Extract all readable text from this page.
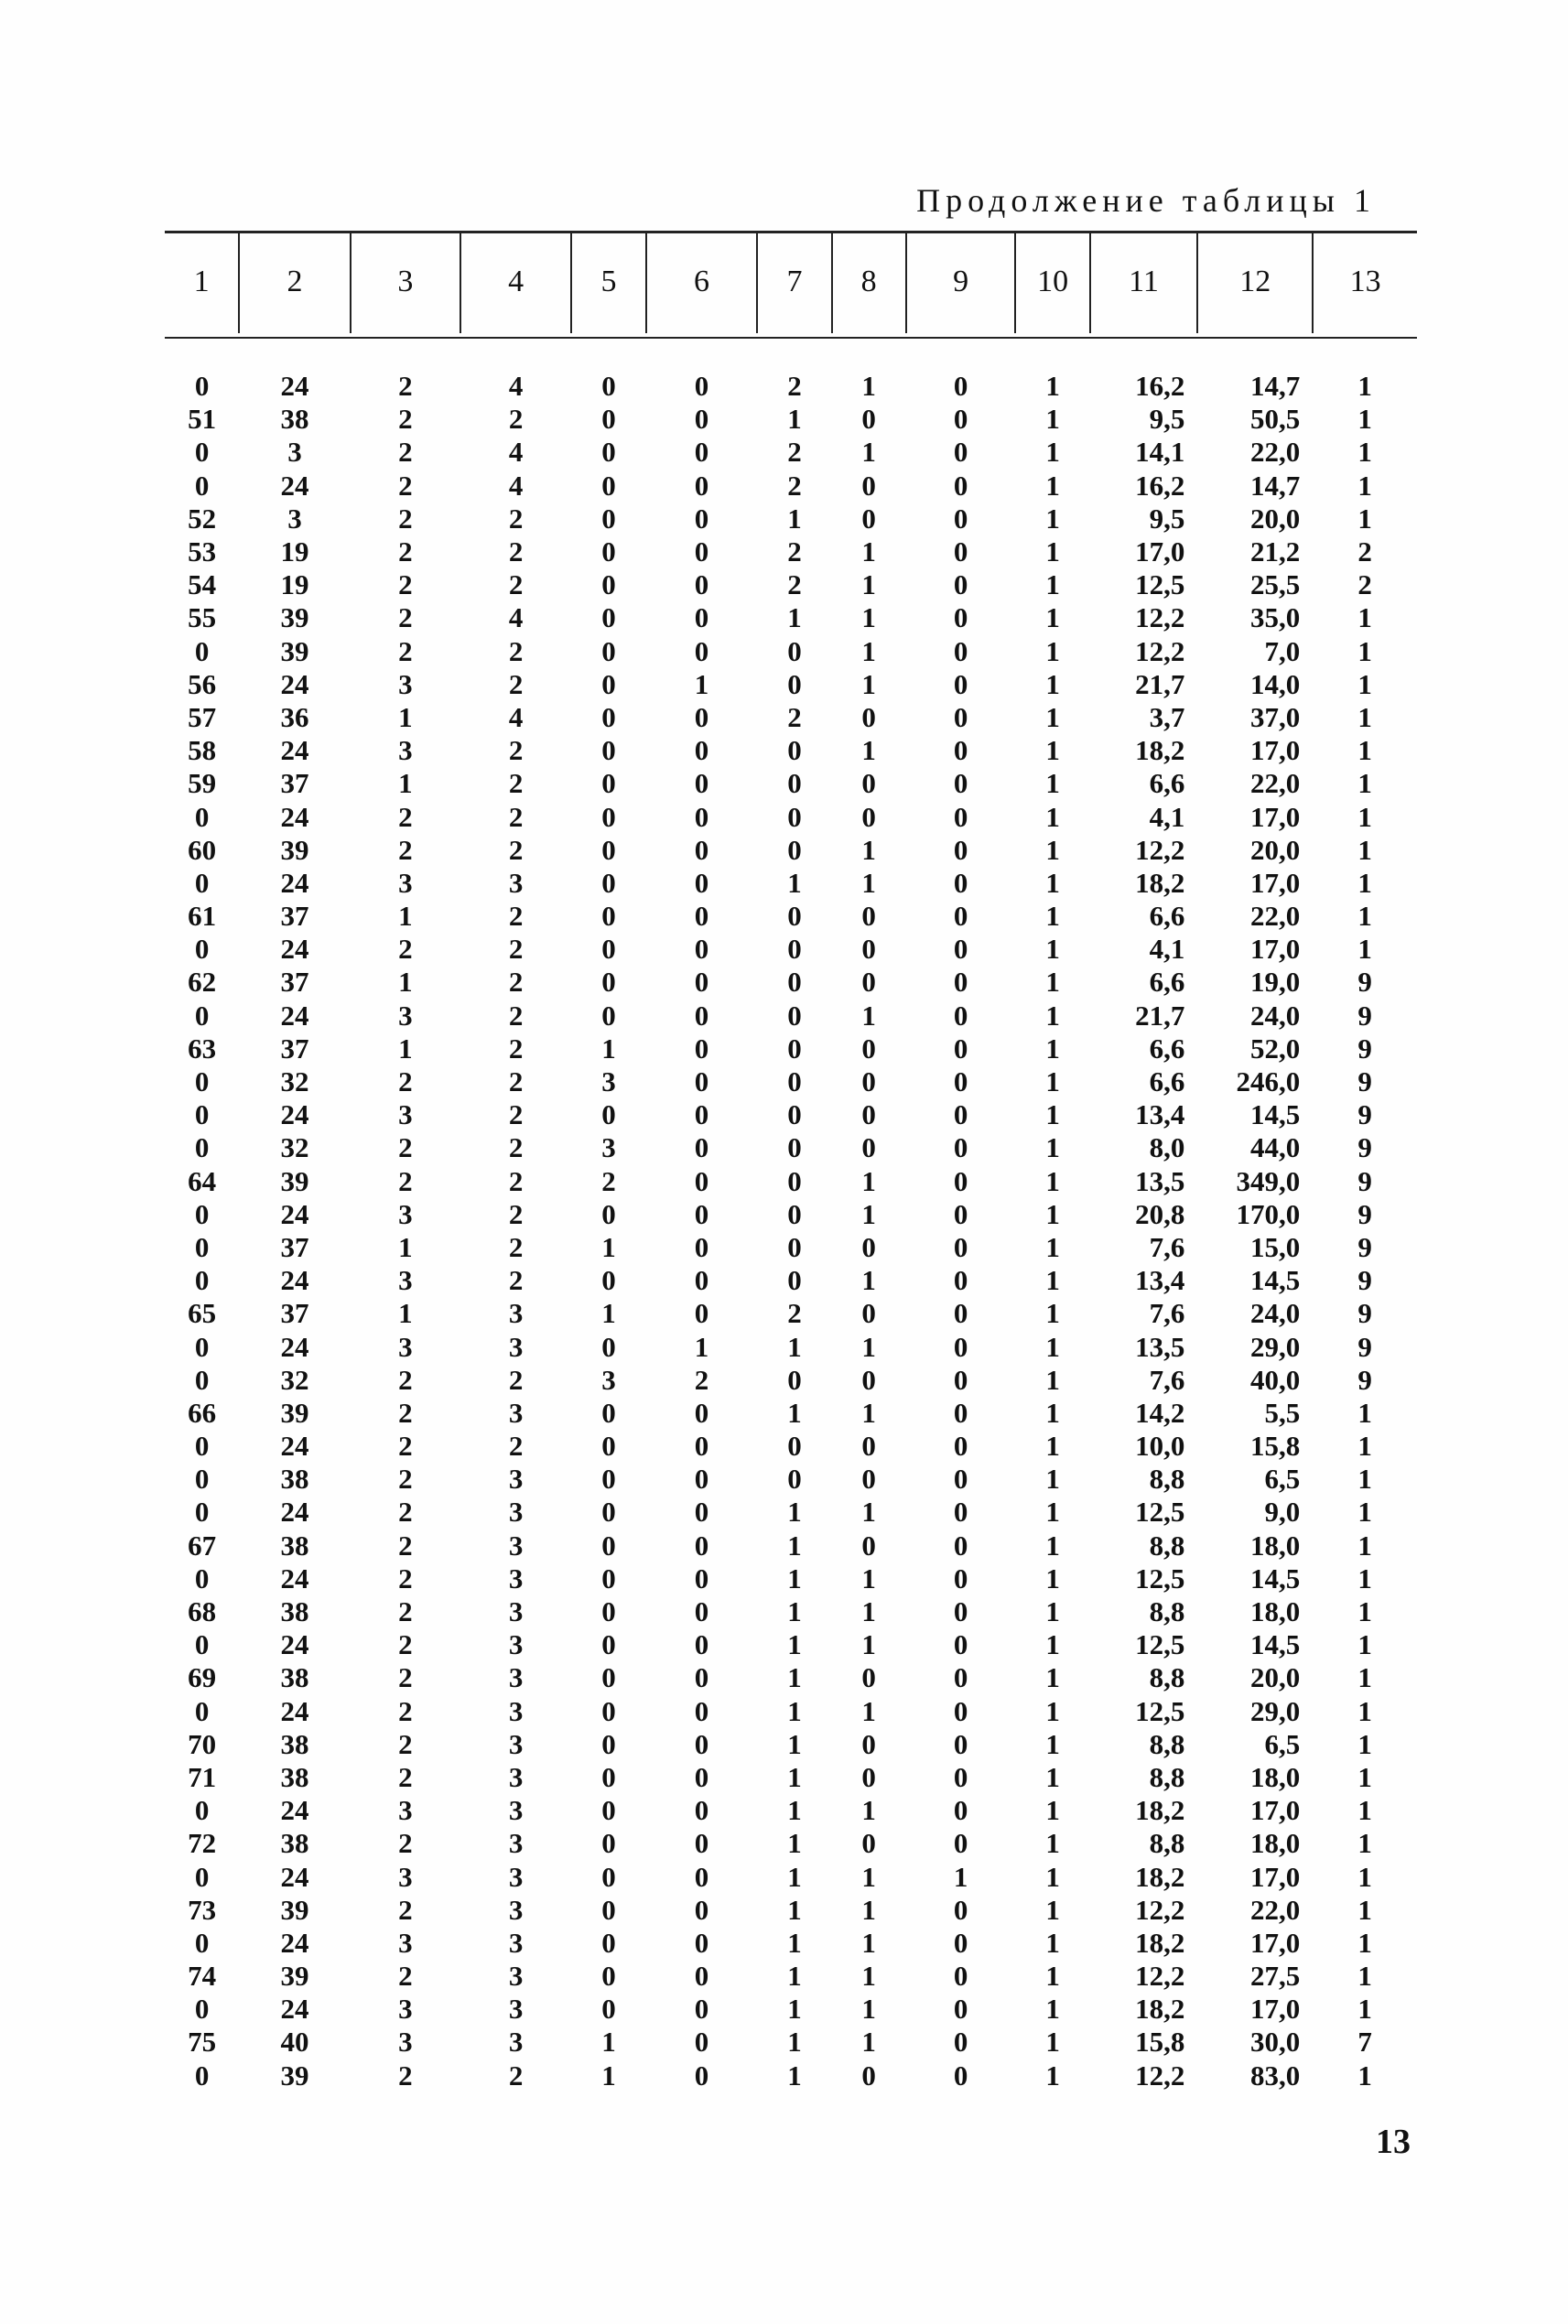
Продолжение таблицы 1
1	2	3	4	5	6	7	8	9	10	11	12	13

0	24	2	4	0	0	2	1	0	1	16,2	14,7	1
51	38	2	2	0	0	1	0	0	1	9,5	50,5	1
0	3	2	4	0	0	2	1	0	1	14,1	22,0	1
0	24	2	4	0	0	2	0	0	1	16,2	14,7	1
52	3	2	2	0	0	1	0	0	1	9,5	20,0	1
53	19	2	2	0	0	2	1	0	1	17,0	21,2	2
54	19	2	2	0	0	2	1	0	1	12,5	25,5	2
55	39	2	4	0	0	1	1	0	1	12,2	35,0	1
0	39	2	2	0	0	0	1	0	1	12,2	7,0	1
56	24	3	2	0	1	0	1	0	1	21,7	14,0	1
57	36	1	4	0	0	2	0	0	1	3,7	37,0	1
58	24	3	2	0	0	0	1	0	1	18,2	17,0	1
59	37	1	2	0	0	0	0	0	1	6,6	22,0	1
0	24	2	2	0	0	0	0	0	1	4,1	17,0	1
60	39	2	2	0	0	0	1	0	1	12,2	20,0	1
0	24	3	3	0	0	1	1	0	1	18,2	17,0	1
61	37	1	2	0	0	0	0	0	1	6,6	22,0	1
0	24	2	2	0	0	0	0	0	1	4,1	17,0	1
62	37	1	2	0	0	0	0	0	1	6,6	19,0	9
0	24	3	2	0	0	0	1	0	1	21,7	24,0	9
63	37	1	2	1	0	0	0	0	1	6,6	52,0	9
0	32	2	2	3	0	0	0	0	1	6,6	246,0	9
0	24	3	2	0	0	0	0	0	1	13,4	14,5	9
0	32	2	2	3	0	0	0	0	1	8,0	44,0	9
64	39	2	2	2	0	0	1	0	1	13,5	349,0	9
0	24	3	2	0	0	0	1	0	1	20,8	170,0	9
0	37	1	2	1	0	0	0	0	1	7,6	15,0	9
0	24	3	2	0	0	0	1	0	1	13,4	14,5	9
65	37	1	3	1	0	2	0	0	1	7,6	24,0	9
0	24	3	3	0	1	1	1	0	1	13,5	29,0	9
0	32	2	2	3	2	0	0	0	1	7,6	40,0	9
66	39	2	3	0	0	1	1	0	1	14,2	5,5	1
0	24	2	2	0	0	0	0	0	1	10,0	15,8	1
0	38	2	3	0	0	0	0	0	1	8,8	6,5	1
0	24	2	3	0	0	1	1	0	1	12,5	9,0	1
67	38	2	3	0	0	1	0	0	1	8,8	18,0	1
0	24	2	3	0	0	1	1	0	1	12,5	14,5	1
68	38	2	3	0	0	1	1	0	1	8,8	18,0	1
0	24	2	3	0	0	1	1	0	1	12,5	14,5	1
69	38	2	3	0	0	1	0	0	1	8,8	20,0	1
0	24	2	3	0	0	1	1	0	1	12,5	29,0	1
70	38	2	3	0	0	1	0	0	1	8,8	6,5	1
71	38	2	3	0	0	1	0	0	1	8,8	18,0	1
0	24	3	3	0	0	1	1	0	1	18,2	17,0	1
72	38	2	3	0	0	1	0	0	1	8,8	18,0	1
0	24	3	3	0	0	1	1	1	1	18,2	17,0	1
73	39	2	3	0	0	1	1	0	1	12,2	22,0	1
0	24	3	3	0	0	1	1	0	1	18,2	17,0	1
74	39	2	3	0	0	1	1	0	1	12,2	27,5	1
0	24	3	3	0	0	1	1	0	1	18,2	17,0	1
75	40	3	3	1	0	1	1	0	1	15,8	30,0	7
0	39	2	2	1	0	1	0	0	1	12,2	83,0	1
13
